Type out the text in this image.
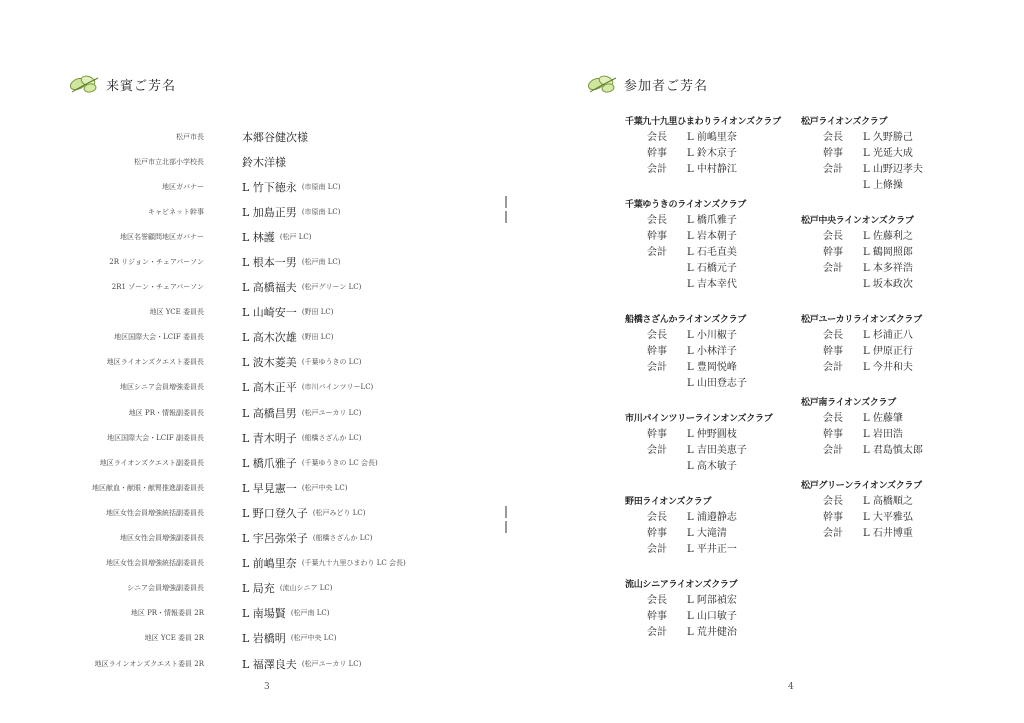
来賓ご芳名
松戸市長	本郷谷健次様
松戸市立北部小学校長	鈴木洋様
地区ガバナー	L 竹下徳永 (市原南 LC)
キャビネット幹事	L 加島正男 (市原南 LC)
地区名誉顧問地区ガバナー	L 林護 (松戸 LC)
2R リジョン・チェアパーソン	L 根本一男 (松戸南 LC)
2R1 ゾーン・チェアパーソン	L 高橋福夫 (松戸グリーン LC)
地区 YCE 委員長	L 山崎安一 (野田 LC)
地区国際大会・LCIF 委員長	L 高木次雄 (野田 LC)
地区ライオンズクエスト委員長	L 波木菱美 (千葉ゆうきの LC)
地区シニア会員増強委員長	L 高木正平 (市川パインツリーLC)
地区 PR・情報副委員長	L 高橋昌男 (松戸ユーカリ LC)
地区国際大会・LCIF 副委員長	L 青木明子 (船橋さざんか LC)
地区ライオンズクエスト副委員長	L 橋爪雅子 (千葉ゆうきの LC 会長)
地区献血・献眼・献腎推進副委員長	L 早見憲一 (松戸中央 LC)
地区女性会員増強統括副委員長	L 野口登久子 (松戸みどり LC)
地区女性会員増強副委員長	L 宇呂弥栄子 (船橋さざんか LC)
地区女性会員増強統括副委員長	L 前嶋里奈 (千葉九十九里ひまわり LC 会長)
シニア会員増強副委員長	L 局充 (流山シニア LC)
地区 PR・情報委員 2R	L 南場賢 (松戸南 LC)
地区 YCE 委員 2R	L 岩橋明 (松戸中央 LC)
地区ラインオンズクエスト委員 2R	L 福澤良夫 (松戸ユーカリ LC)
3
参加者ご芳名
千葉九十九里ひまわりライオンズクラブ
会長	L 前嶋里奈
幹事	L 鈴木京子
会計	L 中村静江
千葉ゆうきのライオンズクラブ
会長	L 橋爪雅子
幹事	L 岩本朝子
会計	L 石毛直美
L 石橋元子
L 吉本幸代
船橋さざんかライオンズクラブ
会長	L 小川椒子
幹事	L 小林洋子
会計	L 豊岡悦峰
L 山田登志子
市川パインツリーラインオンズクラブ
幹事	L 仲野圓枝
会計	L 吉田美恵子
L 高木敏子
野田ライオンズクラブ
会長	L 浦邉静志
幹事	L 大滝清
会計	L 平井正一
流山シニアライオンズクラブ
会長	L 阿部禎宏
幹事	L 山口敏子
会計	L 荒井健治
松戸ライオンズクラブ
会長	L 久野勝己
幹事	L 光延大成
会計	L 山野辺孝夫
L 上條操
松戸中央ラインオンズクラブ
会長	L 佐藤利之
幹事	L 鶴岡照郎
会計	L 本多祥浩
L 坂本政次
松戸ユーカリライオンズクラブ
会長	L 杉浦正八
幹事	L 伊原正行
会計	L 今井和夫
松戸南ライオンズクラブ
会長	L 佐藤肇
幹事	L 岩田浩
会計	L 君島慎太郎
松戸グリーンライオンズクラブ
会長	L 高橋順之
幹事	L 大平雅弘
会計	L 石井博重
4
